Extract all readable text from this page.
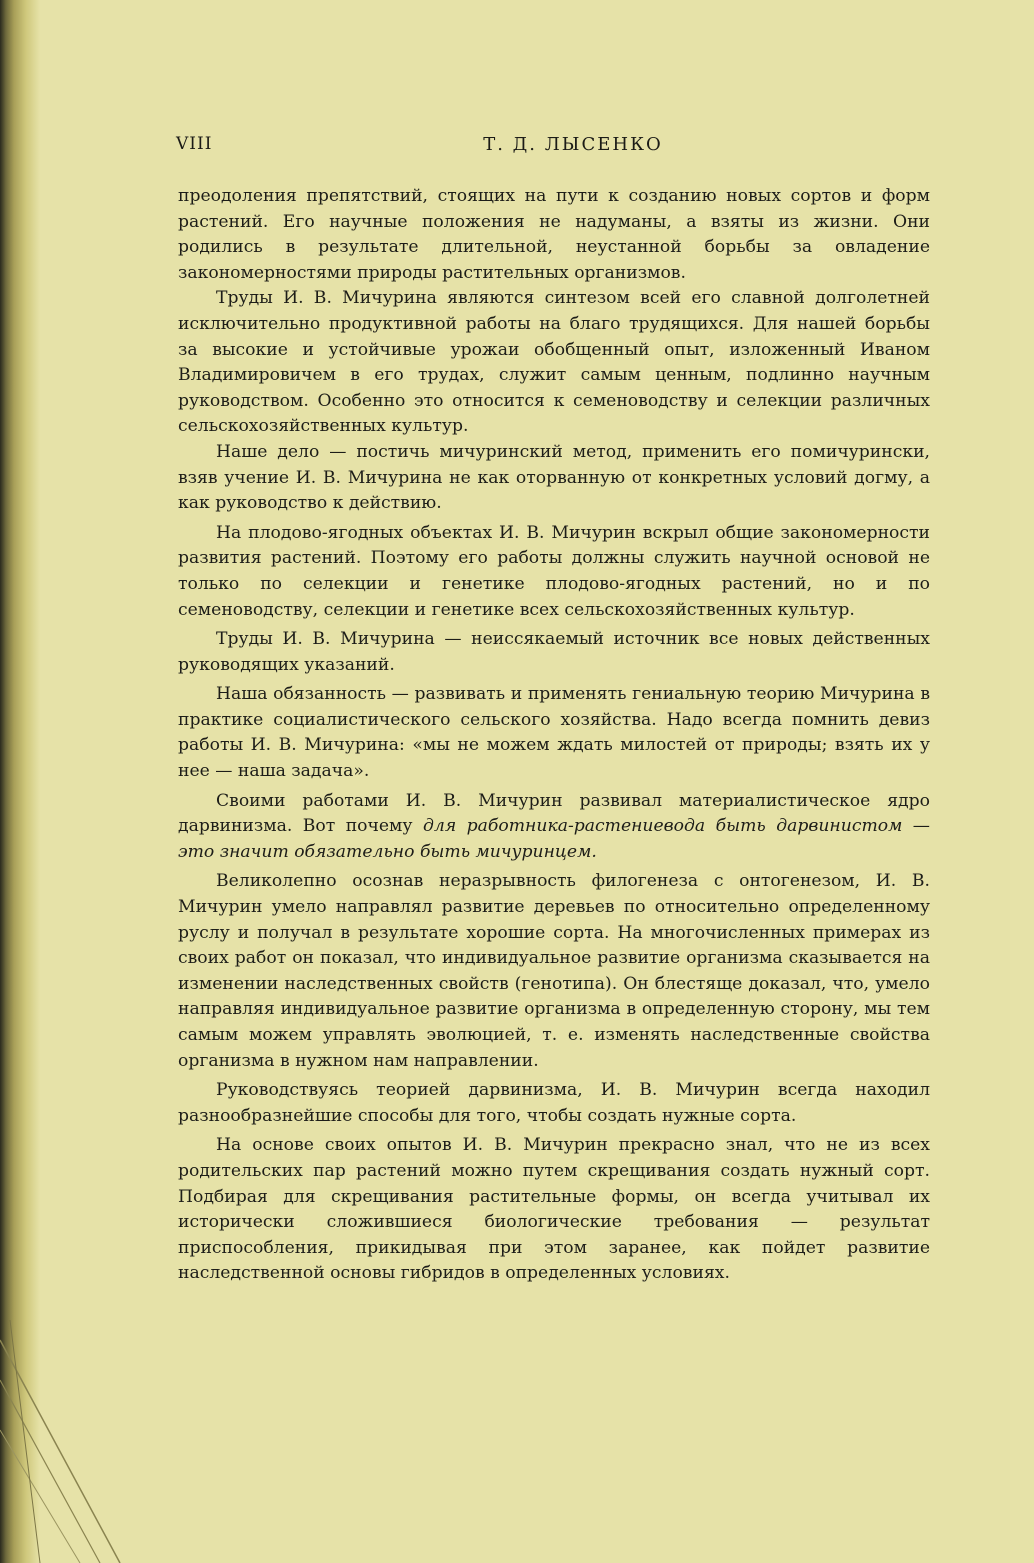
VIII	Т. Д. ЛЫСЕНКО

преодоления препятствий, стоящих на пути к созданию новых сортов и форм растений. Его научные положения не надуманы, а взяты из жизни. Они родились в результате длительной, неустанной борьбы за овладение закономерностями природы растительных организмов.

Труды И. В. Мичурина являются синтезом всей его славной долголетней исключительно продуктивной работы на благо трудящихся. Для нашей борьбы за высокие и устойчивые урожаи обобщенный опыт, изложенный Иваном Владимировичем в его трудах, служит самым ценным, подлинно научным руководством. Особенно это относится к семеноводству и селекции различных сельскохозяйственных культур.

Наше дело — постичь мичуринский метод, применить его помичурински, взяв учение И. В. Мичурина не как оторванную от конкретных условий догму, а как руководство к действию.

На плодово-ягодных объектах И. В. Мичурин вскрыл общие закономерности развития растений. Поэтому его работы должны служить научной основой не только по селекции и генетике плодово-ягодных растений, но и по семеноводству, селекции и генетике всех сельскохозяйственных культур.

Труды И. В. Мичурина — неиссякаемый источник все новых действенных руководящих указаний.

Наша обязанность — развивать и применять гениальную теорию Мичурина в практике социалистического сельского хозяйства. Надо всегда помнить девиз работы И. В. Мичурина: «мы не можем ждать милостей от природы; взять их у нее — наша задача».

Своими работами И. В. Мичурин развивал материалистическое ядро дарвинизма. Вот почему для работника-растениевода быть дарвинистом — это значит обязательно быть мичуринцем.

Великолепно осознав неразрывность филогенеза с онтогенезом, И. В. Мичурин умело направлял развитие деревьев по относительно определенному руслу и получал в результате хорошие сорта. На многочисленных примерах из своих работ он показал, что индивидуальное развитие организма сказывается на изменении наследственных свойств (генотипа). Он блестяще доказал, что, умело направляя индивидуальное развитие организма в определенную сторону, мы тем самым можем управлять эволюцией, т. е. изменять наследственные свойства организма в нужном нам направлении.

Руководствуясь теорией дарвинизма, И. В. Мичурин всегда находил разнообразнейшие способы для того, чтобы создать нужные сорта.

На основе своих опытов И. В. Мичурин прекрасно знал, что не из всех родительских пар растений можно путем скрещивания создать нужный сорт. Подбирая для скрещивания растительные формы, он всегда учитывал их исторически сложившиеся биологические требования — результат приспособления, прикидывая при этом заранее, как пойдет развитие наследственной основы гибридов в определенных условиях.
